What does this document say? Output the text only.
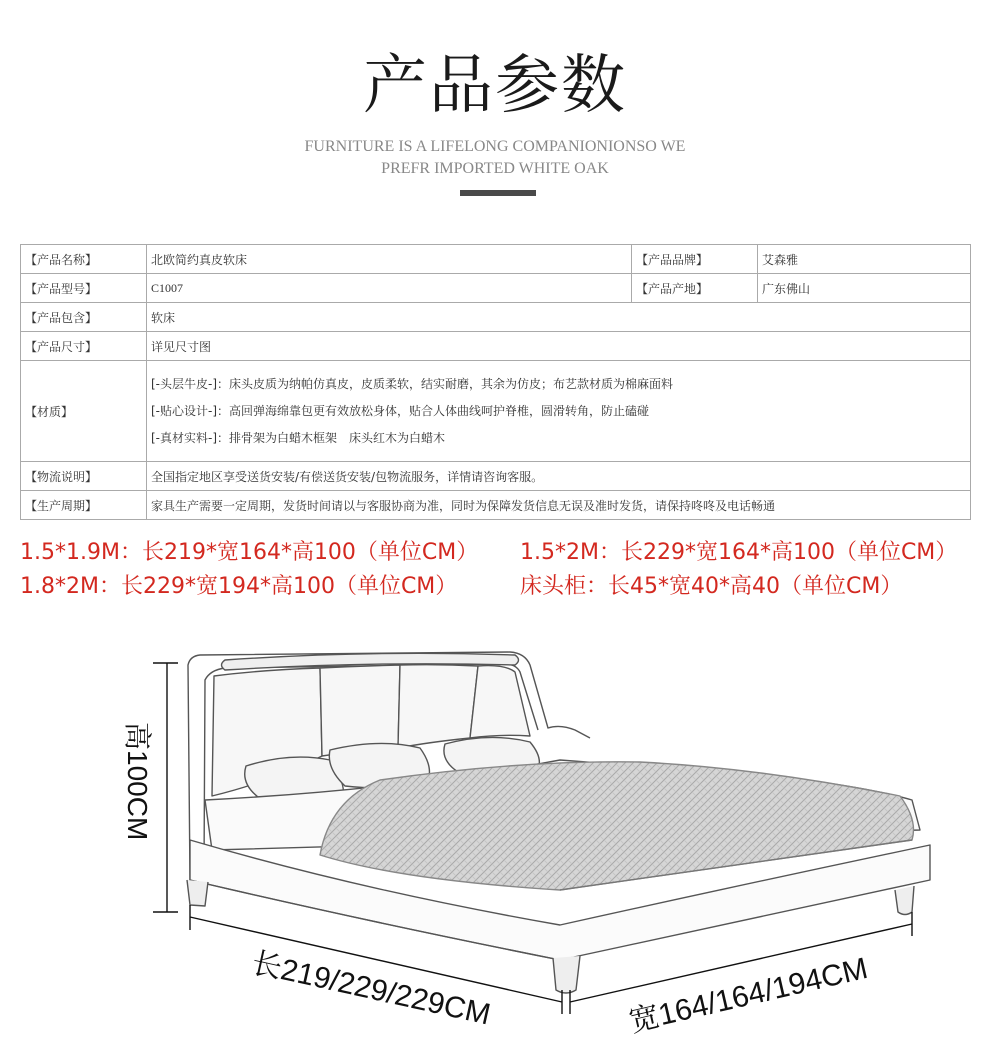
产品参数
FURNITURE IS A LIFELONG COMPANIONIONSO WE
PREFR IMPORTED WHITE OAK
【产品名称】	北欧简约真皮软床	【产品品牌】	艾森雅
【产品型号】	C1007	【产品产地】	广东佛山
【产品包含】	软床		
【产品尺寸】	详见尺寸图		
【材质】	[-头层牛皮-]：床头皮质为纳帕仿真皮，皮质柔软，结实耐磨，其余为仿皮；布艺款材质为棉麻面料
[-贴心设计-]：高回弹海绵靠包更有效放松身体，贴合人体曲线呵护脊椎，圆滑转角，防止磕碰
[-真材实料-]：排骨架为白蜡木框架　床头红木为白蜡木		

【物流说明】	全国指定地区享受送货安装/有偿送货安装/包物流服务，详情请咨询客服。		
【生产周期】	家具生产需要一定周期，发货时间请以与客服协商为准，同时为保障发货信息无误及准时发货，请保持咚咚及电话畅通		
1.5*1.9M：长219*宽164*高100（单位CM）	1.5*2M：长229*宽164*高100（单位CM）
1.8*2M：长229*宽194*高100（单位CM）	床头柜：长45*宽40*高40（单位CM）
高100CM
长219/229/229CM	宽164/164/194CM
